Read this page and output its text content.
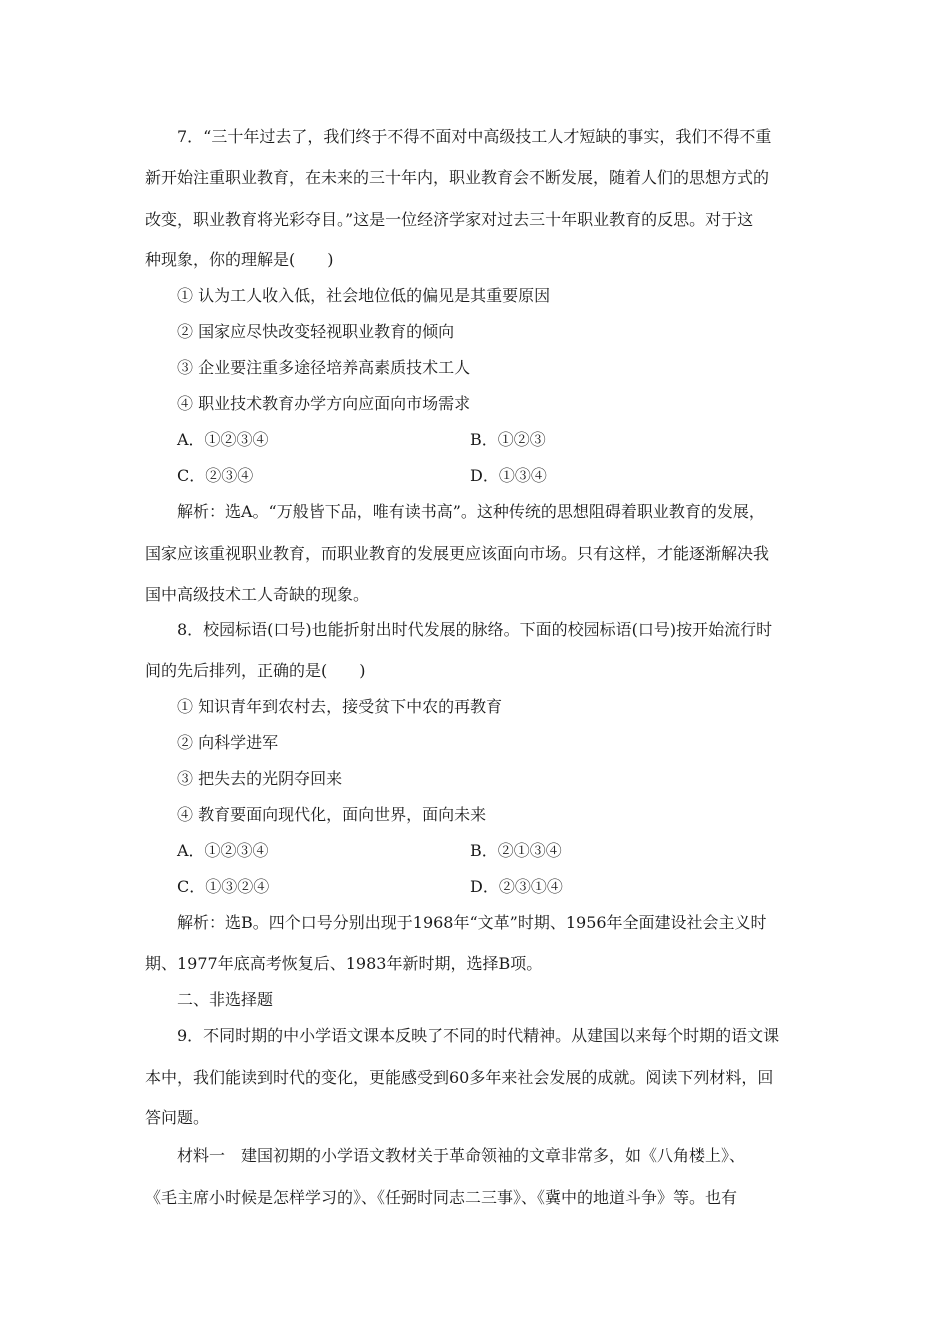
7．“三十年过去了，我们终于不得不面对中高级技工人才短缺的事实，我们不得不重
新开始注重职业教育，在未来的三十年内，职业教育会不断发展，随着人们的思想方式的
改变，职业教育将光彩夺目。”这是一位经济学家对过去三十年职业教育的反思。对于这
种现象，你的理解是(　　)
① 认为工人收入低，社会地位低的偏见是其重要原因
② 国家应尽快改变轻视职业教育的倾向
③ 企业要注重多途径培养高素质技术工人
④ 职业技术教育办学方向应面向市场需求
A．①②③④	B．①②③
C．②③④	D．①③④
解析：选A。“万般皆下品，唯有读书高”。这种传统的思想阻碍着职业教育的发展，
国家应该重视职业教育，而职业教育的发展更应该面向市场。只有这样，才能逐渐解决我
国中高级技术工人奇缺的现象。
8．校园标语(口号)也能折射出时代发展的脉络。下面的校园标语(口号)按开始流行时
间的先后排列，正确的是(　　)
① 知识青年到农村去，接受贫下中农的再教育
② 向科学进军
③ 把失去的光阴夺回来
④ 教育要面向现代化，面向世界，面向未来
A．①②③④	B．②①③④
C．①③②④	D．②③①④
解析：选B。四个口号分别出现于1968年“文革”时期、1956年全面建设社会主义时
期、1977年底高考恢复后、1983年新时期，选择B项。
二、非选择题
9．不同时期的中小学语文课本反映了不同的时代精神。从建国以来每个时期的语文课
本中，我们能读到时代的变化，更能感受到60多年来社会发展的成就。阅读下列材料，回
答问题。
材料一　建国初期的小学语文教材关于革命领袖的文章非常多，如《八角楼上》、
《毛主席小时候是怎样学习的》、《任弼时同志二三事》、《冀中的地道斗争》等。也有
